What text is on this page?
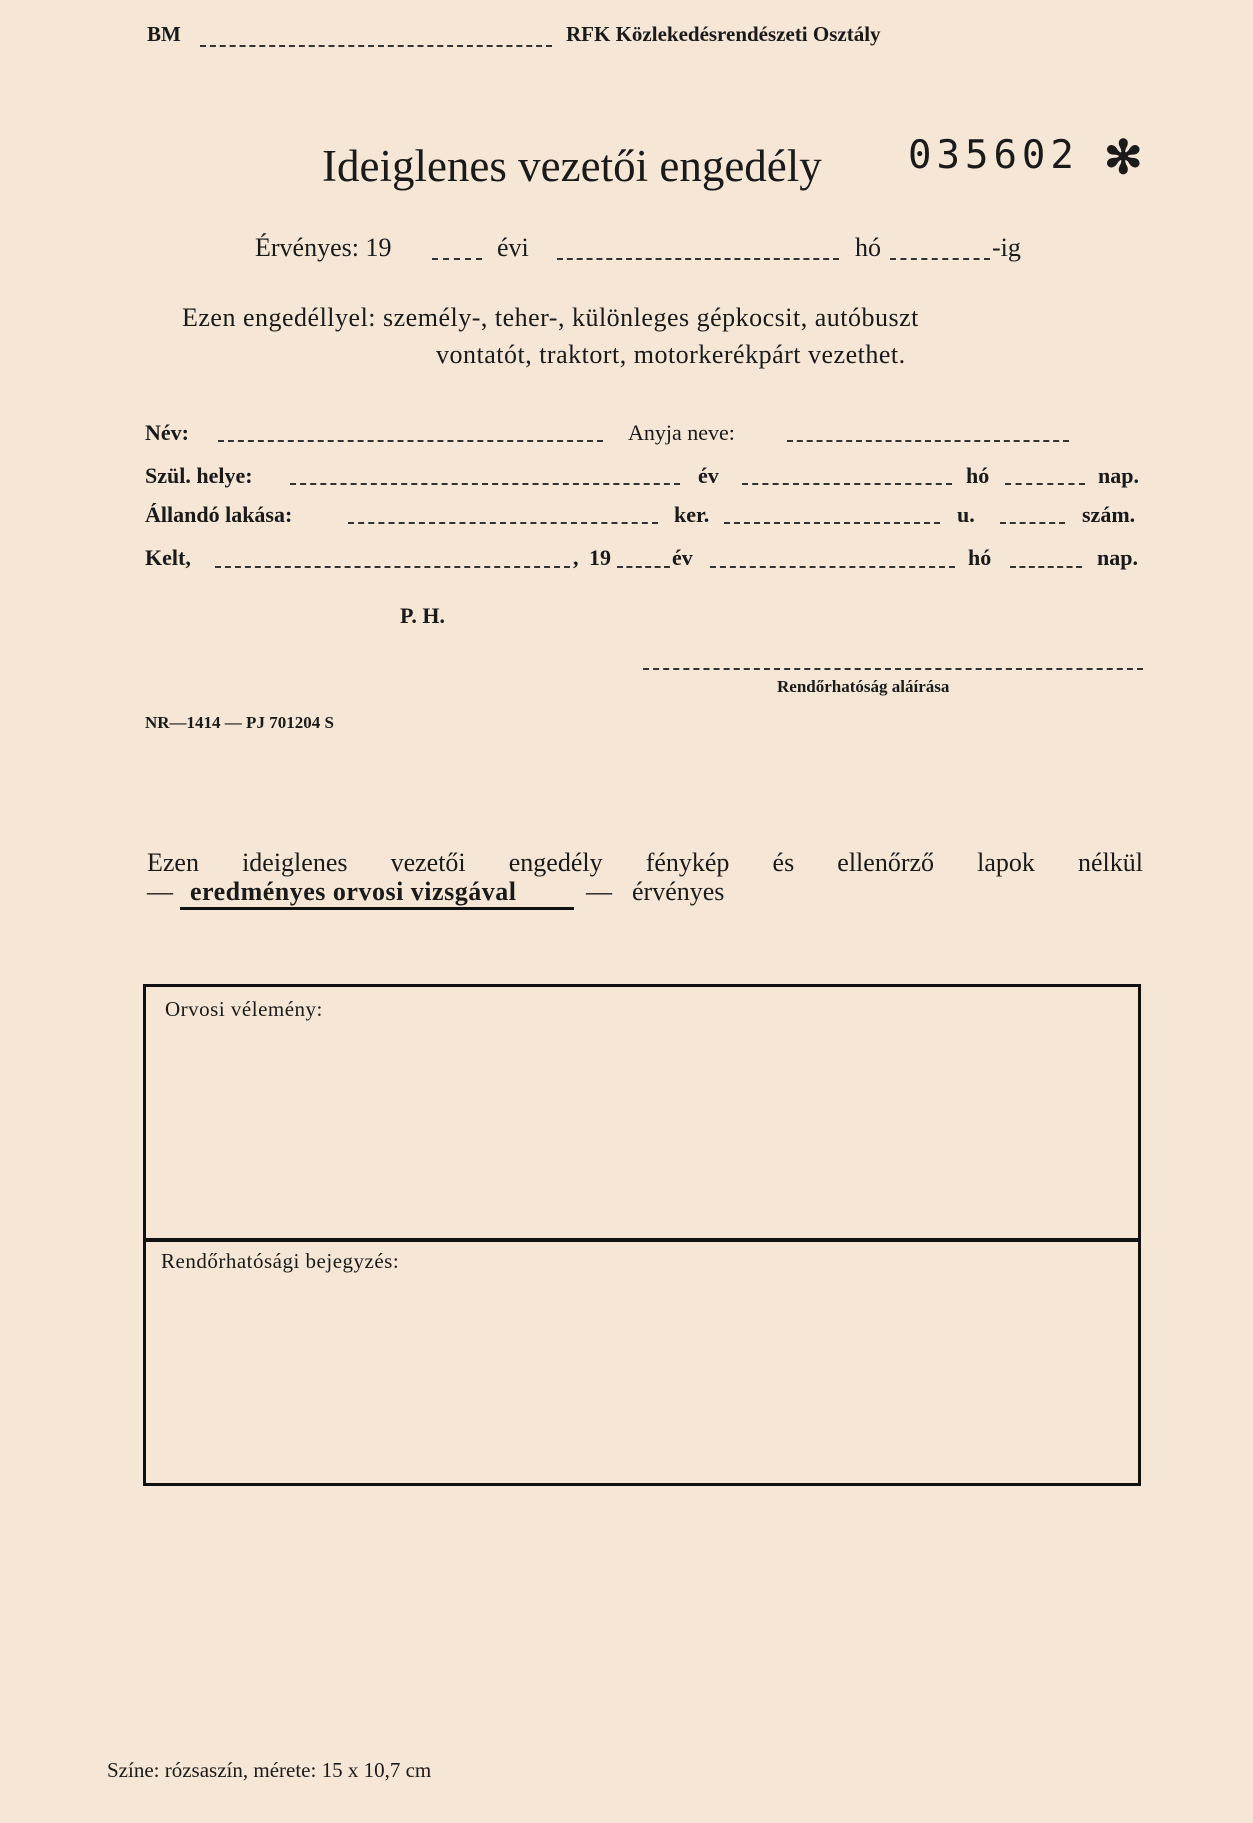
BM	RFK Közlekedésrendészeti Osztály
Ideiglenes vezetői engedély 035602 ✻
Érvényes: 19	évi	hó	-ig
Ezen engedéllyel: személy-, teher-, különleges gépkocsit, autóbuszt
vontatót, traktort, motorkerékpárt vezethet.
Név:	Anyja neve:
Szül. helye:	év	hó	nap.
Állandó lakása:	ker.	u.	szám.
Kelt,	, 19	év	hó	nap.
P. H.
Rendőrhatóság aláírása
NR—1414 — PJ 701204 S
Ezen ideiglenes vezetői engedély fénykép és ellenőrző lapok nélkül
— eredményes orvosi vizsgával	— érvényes
Orvosi vélemény:
Rendőrhatósági bejegyzés:
Színe: rózsaszín, mérete: 15 x 10,7 cm
